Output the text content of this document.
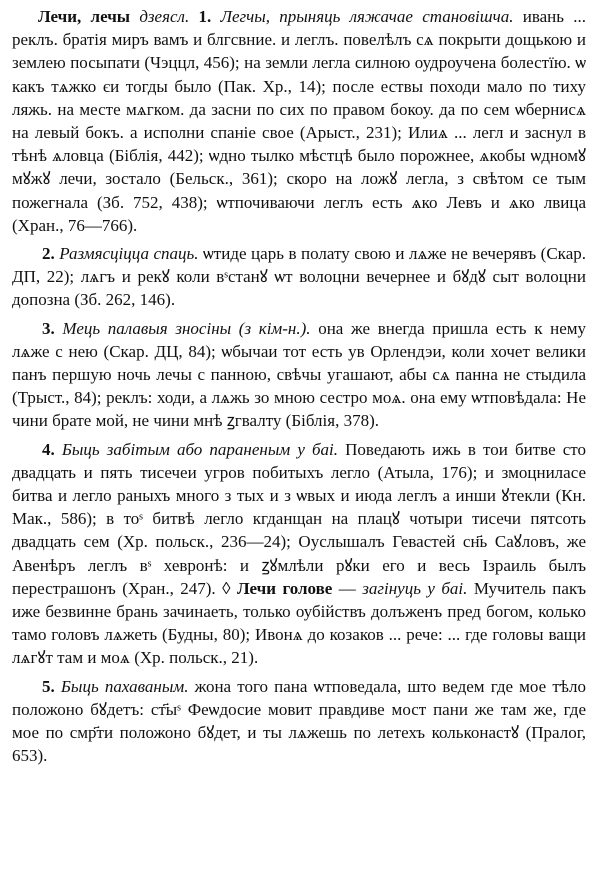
Лечи, лечы дзеясл. 1. Легчы, прыняць ляжачае становішча. ивань ... реклъ. братія миръ вамъ и блгсвние. и леглъ. повелѣлъ сѧ покрыти дощькою и землею посыпати (Чэццл, 456); на земли легла силною оудроучена болестїю. ѡ какъ тѧжко єи тогды было (Пак. Хр., 14); после ествы походи мало по тиху ляжь. на месте мѧгком. да засни по сих по правом бокоу. да по сем ѡбернисѧ на левый бокъ. а исполни спаніе свое (Арыст., 231); Илиѧ ... легл и заснул в тѣнѣ ѧловца (Біблія, 442); ѡдно тылко мѣстцѣ было порожнее, ѧкобы ѡдномꙋ мꙋжꙋ лечи, зостало (Бельск., 361); скоро на ложꙋ легла, з свѣтом се тым пожегнала (Зб. 752, 438); ѡтпочиваючи леглъ есть ѧко Левъ и ѧко лвица (Хран., 76—766).

2. Размясціцца спаць. ѡтиде царь в полату свою и лѧже не вечерявъ (Скар. ДП, 22); лѧгъ и рекꙋ коли вˢстанꙋ ѡт волоцни вечернее и бꙋдꙋ сыт волоцни допозна (Зб. 262, 146).

3. Мець палавыя зносіны (з кім-н.). она же внегда пришла есть к нему лѧже с нею (Скар. ДЦ, 84); ѡбычаи тот есть ув Орлендэи, коли хочет велики панъ першую ночь лечы с панною, свѣчы угашают, абы сѧ панна не стыдила (Трыст., 84); реклъ: ходи, а лѧжь зо мною сестро моѧ. она ему ѡтповѣдала: Не чини брате мой, не чини мнѣ ꙁгвалту (Біблія, 378).

4. Быць забітым або параненым у баі. Поведають ижь в тои битве сто двадцать и пять тисечеи угров побитыхъ легло (Атыла, 176); и змоцниласе битва и легло раныхъ много з тых и з ѡвых и июда леглъ а инши ꙋтекли (Кн. Мак., 586); в тоˢ битвѣ легло кгданщан на плацꙋ чотыри тисечи пятсоть двадцать сем (Хр. польск., 236—24); Оуслышалъ Гевастей сн҃ь Саꙋловъ, же Авенѣръ леглъ вˢ хевронѣ: и ꙁꙋмлѣли рꙋки его и весь Ізраиль былъ перестрашонъ (Хран., 247). ◊ Лечи голове — загінуць у баі. Мучитель пакъ иже безвинне брань зачинаеть, только оубійствъ долъженъ пред богом, колько тамо головъ лѧжеть (Будны, 80); Ивонѧ до козаков ... рече: ... где головы ващи лѧгꙋт там и моѧ (Хр. польск., 21).

5. Быць пахаваным. жона того пана ѡтповедала, што ведем где мое тѣло положоно бꙋдетъ: ст҃ыˢ Феѡдосие мовит правдиве мост пани же там же, где мое по смр҃ти положоно бꙋдет, и ты лѧжешь по летехъ кольконастꙋ (Пралог, 653).
